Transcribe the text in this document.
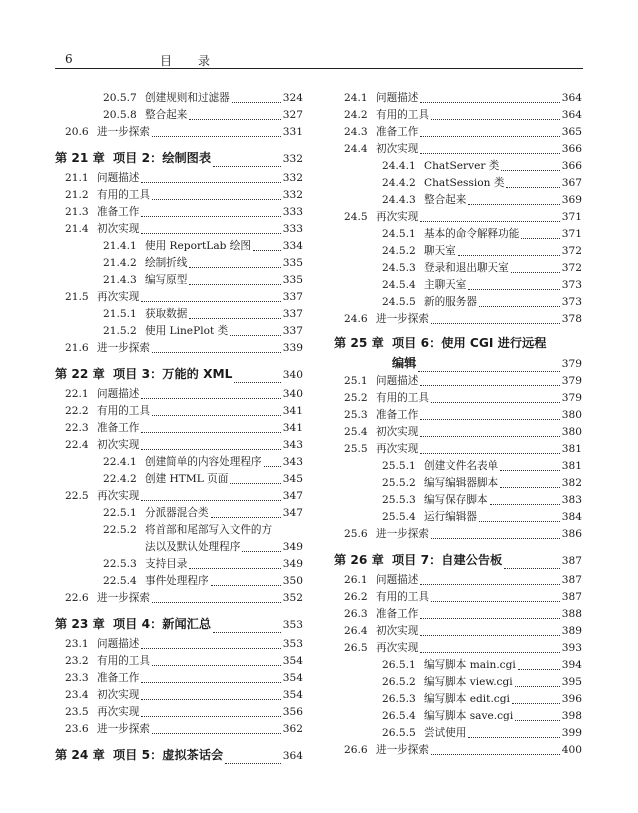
6	目 录
20.5.7 创建规则和过滤器	324
20.5.8 整合起来	327
20.6 进一步探索	331
第 21 章 项目 2：绘制图表	332
21.1 问题描述	332
21.2 有用的工具	332
21.3 准备工作	333
21.4 初次实现	333
21.4.1 使用 ReportLab 绘图	334
21.4.2 绘制折线	335
21.4.3 编写原型	335
21.5 再次实现	337
21.5.1 获取数据	337
21.5.2 使用 LinePlot 类	337
21.6 进一步探索	339
第 22 章 项目 3：万能的 XML	340
22.1 问题描述	340
22.2 有用的工具	341
22.3 准备工作	341
22.4 初次实现	343
22.4.1 创建简单的内容处理程序 343
22.4.2 创建 HTML 页面	345
22.5 再次实现	347
22.5.1 分派器混合类	347
22.5.2 将首部和尾部写入文件的方
法以及默认处理程序	349
22.5.3 支持目录	349
22.5.4 事件处理程序	350
22.6 进一步探索	352
第 23 章 项目 4：新闻汇总	353
23.1 问题描述	353
23.2 有用的工具	354
23.3 准备工作	354
23.4 初次实现	354
23.5 再次实现	356
23.6 进一步探索	362
第 24 章 项目 5：虚拟茶话会	364
24.1 问题描述	364
24.2 有用的工具	364
24.3 准备工作	365
24.4 初次实现	366
24.4.1 ChatServer 类	366
24.4.2 ChatSession 类	367
24.4.3 整合起来	369
24.5 再次实现	371
24.5.1 基本的命令解释功能	371
24.5.2 聊天室	372
24.5.3 登录和退出聊天室	372
24.5.4 主聊天室	373
24.5.5 新的服务器	373
24.6 进一步探索	378
第 25 章 项目 6：使用 CGI 进行远程
编辑	379
25.1 问题描述	379
25.2 有用的工具	379
25.3 准备工作	380
25.4 初次实现	380
25.5 再次实现	381
25.5.1 创建文件名表单	381
25.5.2 编写编辑器脚本	382
25.5.3 编写保存脚本	383
25.5.4 运行编辑器	384
25.6 进一步探索	386
第 26 章 项目 7：自建公告板	387
26.1 问题描述	387
26.2 有用的工具	387
26.3 准备工作	388
26.4 初次实现	389
26.5 再次实现	393
26.5.1 编写脚本 main.cgi	394
26.5.2 编写脚本 view.cgi	395
26.5.3 编写脚本 edit.cgi	396
26.5.4 编写脚本 save.cgi	398
26.5.5 尝试使用	399
26.6 进一步探索	400
